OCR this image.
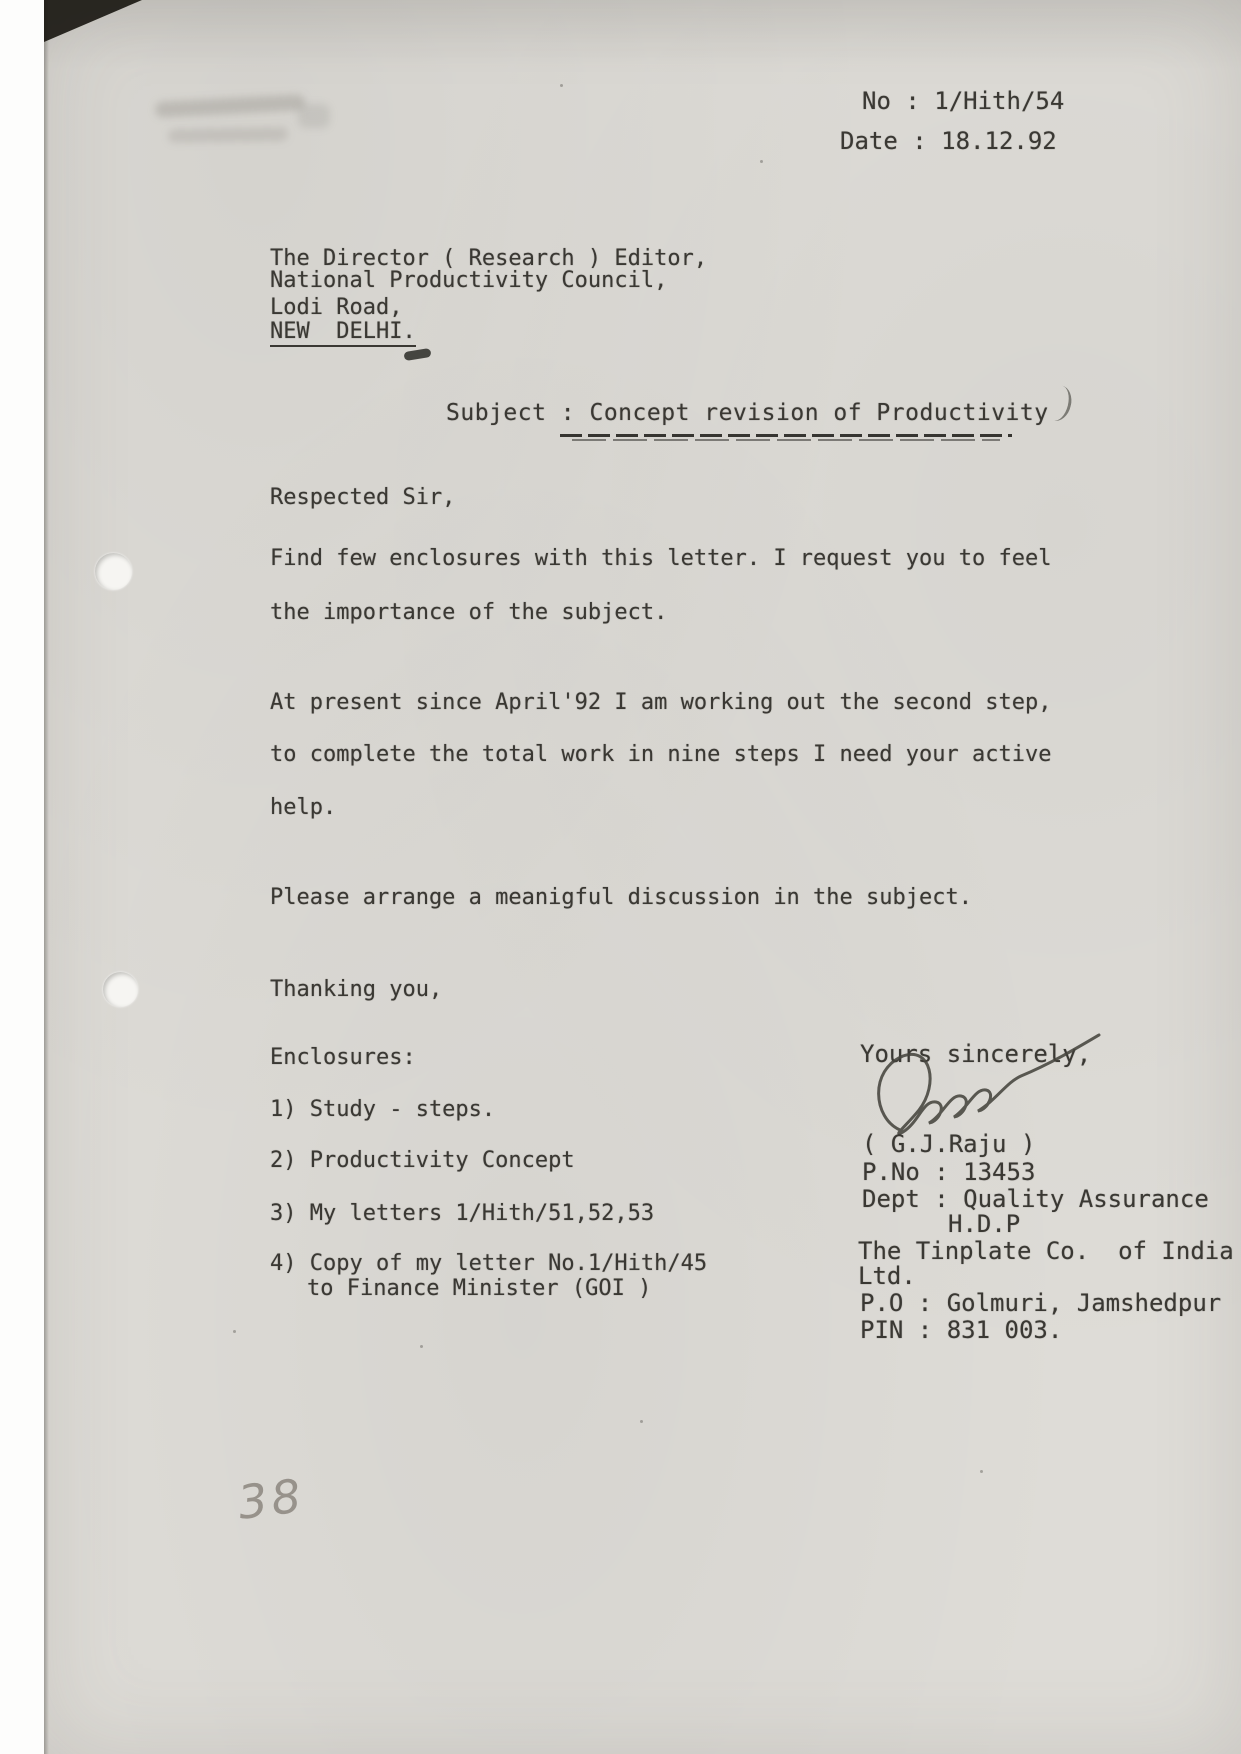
No : 1/Hith/54
Date : 18.12.92
The Director ( Research ) Editor,
National Productivity Council,
Lodi Road,
NEW  DELHI.
Subject : Concept revision of Productivity
Respected Sir,
Find few enclosures with this letter. I request you to feel
the importance of the subject.
At present since April'92 I am working out the second step,
to complete the total work in nine steps I need your active
help.
Please arrange a meanigful discussion in the subject.
Thanking you,
Enclosures:
1) Study - steps.
2) Productivity Concept
3) My letters 1/Hith/51,52,53
4) Copy of my letter No.1/Hith/45
to Finance Minister (GOI )
Yours sincerely,
( G.J.Raju )
P.No : 13453
Dept : Quality Assurance
H.D.P
The Tinplate Co.  of India
Ltd.
P.O : Golmuri, Jamshedpur
PIN : 831 003.
38
